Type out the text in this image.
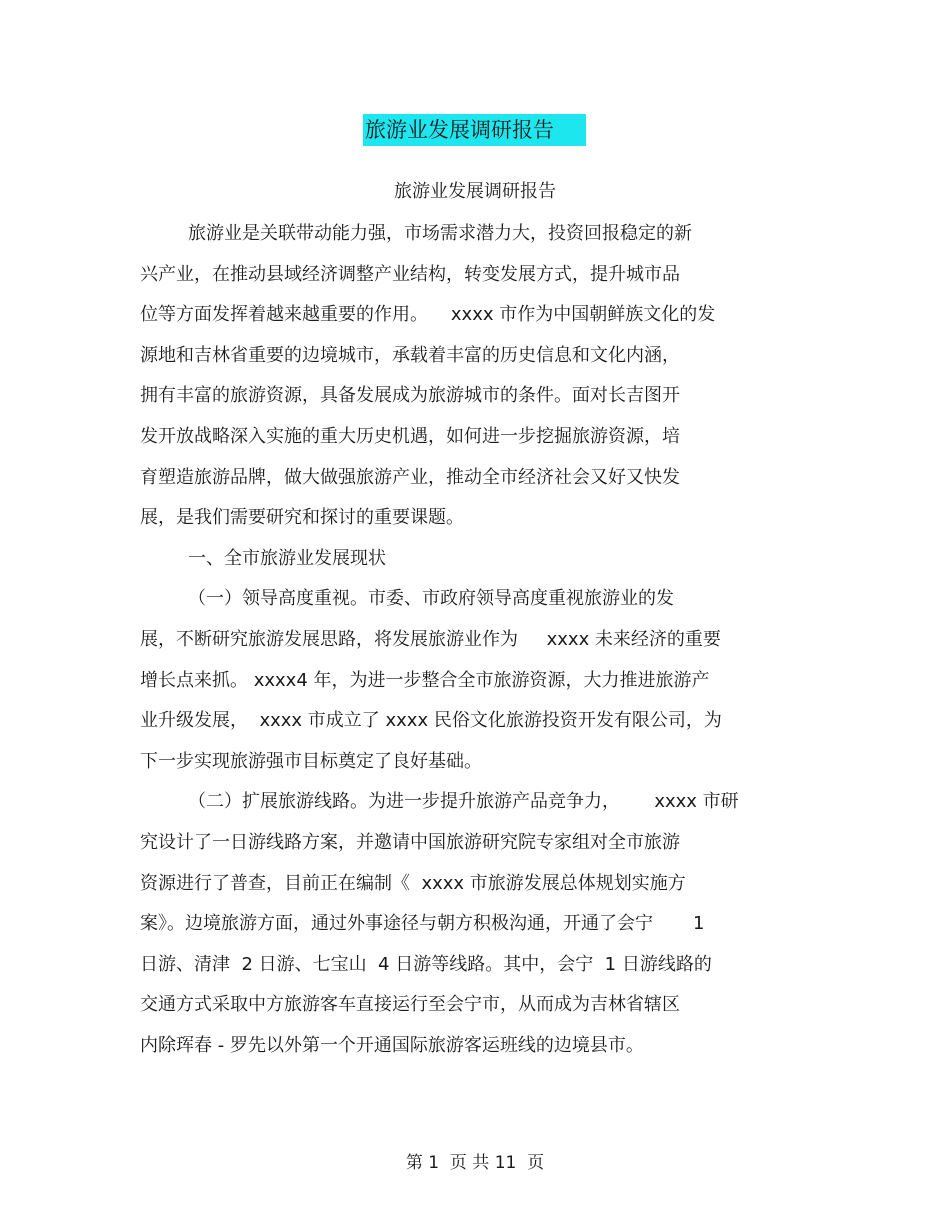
旅游业发展调研报告
旅游业发展调研报告
旅游业是关联带动能力强，市场需求潜力大，投资回报稳定的新
兴产业，在推动县域经济调整产业结构，转变发展方式，提升城市品
位等方面发挥着越来越重要的作用。    xxxx 市作为中国朝鲜族文化的发
源地和吉林省重要的边境城市，承载着丰富的历史信息和文化内涵，
拥有丰富的旅游资源，具备发展成为旅游城市的条件。面对长吉图开
发开放战略深入实施的重大历史机遇，如何进一步挖掘旅游资源，培
育塑造旅游品牌，做大做强旅游产业，推动全市经济社会又好又快发
展，是我们需要研究和探讨的重要课题。
一、全市旅游业发展现状
（一）领导高度重视。市委、市政府领导高度重视旅游业的发
展，不断研究旅游发展思路，将发展旅游业作为     xxxx 未来经济的重要
增长点来抓。 xxxx4 年，为进一步整合全市旅游资源，大力推进旅游产
业升级发展，  xxxx 市成立了 xxxx 民俗文化旅游投资开发有限公司，为
下一步实现旅游强市目标奠定了良好基础。
（二）扩展旅游线路。为进一步提升旅游产品竞争力，      xxxx 市研
究设计了一日游线路方案，并邀请中国旅游研究院专家组对全市旅游
资源进行了普查，目前正在编制《  xxxx 市旅游发展总体规划实施方
案》。边境旅游方面，通过外事途径与朝方积极沟通，开通了会宁       1
日游、清津  2 日游、七宝山  4 日游等线路。其中，会宁  1 日游线路的
交通方式采取中方旅游客车直接运行至会宁市，从而成为吉林省辖区
内除珲春 - 罗先以外第一个开通国际旅游客运班线的边境县市。
第 1  页 共 11  页
